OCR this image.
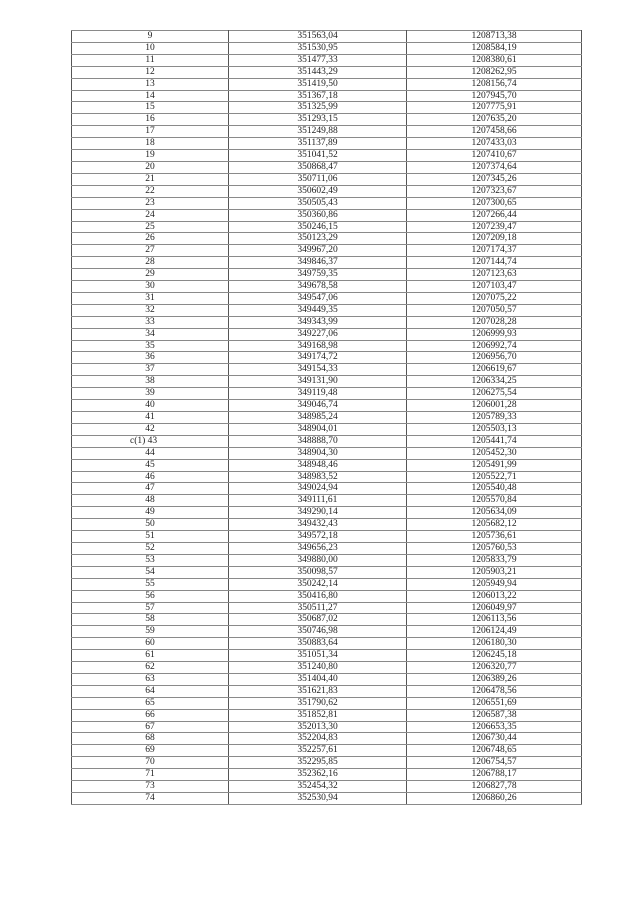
9	351563,04	1208713,38
10	351530,95	1208584,19
11	351477,33	1208380,61
12	351443,29	1208262,95
13	351419,50	1208156,74
14	351367,18	1207945,70
15	351325,99	1207775,91
16	351293,15	1207635,20
17	351249,88	1207458,66
18	351137,89	1207433,03
19	351041,52	1207410,67
20	350868,47	1207374,64
21	350711,06	1207345,26
22	350602,49	1207323,67
23	350505,43	1207300,65
24	350360,86	1207266,44
25	350246,15	1207239,47
26	350123,29	1207209,18
27	349967,20	1207174,37
28	349846,37	1207144,74
29	349759,35	1207123,63
30	349678,58	1207103,47
31	349547,06	1207075,22
32	349449,35	1207050,57
33	349343,99	1207028,28
34	349227,06	1206999,93
35	349168,98	1206992,74
36	349174,72	1206956,70
37	349154,33	1206619,67
38	349131,90	1206334,25
39	349119,48	1206275,54
40	349046,74	1206001,28
41	348985,24	1205789,33
42	348904,01	1205503,13
c(1) 43	348888,70	1205441,74
44	348904,30	1205452,30
45	348948,46	1205491,99
46	348983,52	1205522,71
47	349024,94	1205540,48
48	349111,61	1205570,84
49	349290,14	1205634,09
50	349432,43	1205682,12
51	349572,18	1205736,61
52	349656,23	1205760,53
53	349880,00	1205833,79
54	350098,57	1205903,21
55	350242,14	1205949,94
56	350416,80	1206013,22
57	350511,27	1206049,97
58	350687,02	1206113,56
59	350746,98	1206124,49
60	350883,64	1206180,30
61	351051,34	1206245,18
62	351240,80	1206320,77
63	351404,40	1206389,26
64	351621,83	1206478,56
65	351790,62	1206551,69
66	351852,81	1206587,38
67	352013,30	1206653,35
68	352204,83	1206730,44
69	352257,61	1206748,65
70	352295,85	1206754,57
71	352362,16	1206788,17
73	352454,32	1206827,78
74	352530,94	1206860,26
